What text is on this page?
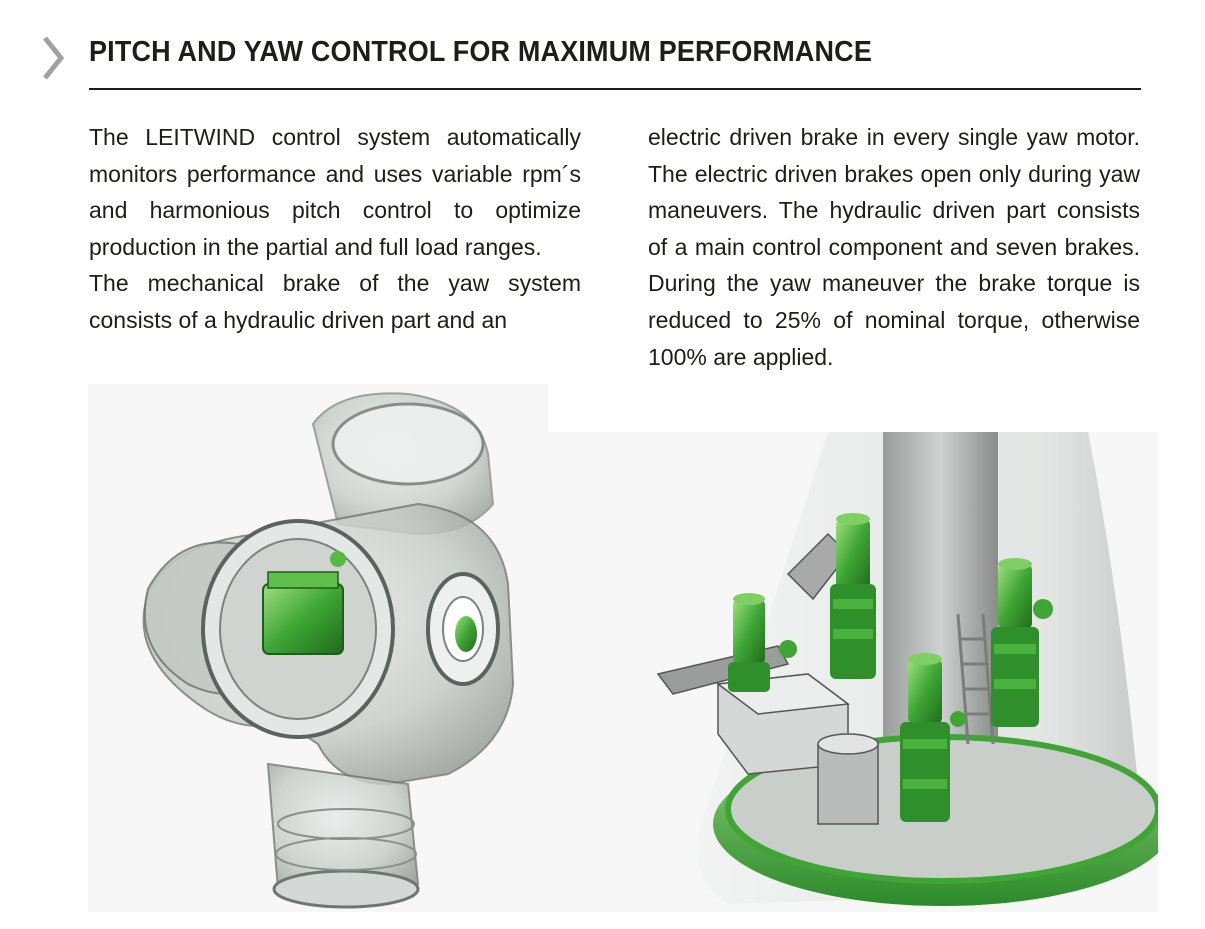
PITCH AND YAW CONTROL FOR MAXIMUM PERFORMANCE

The LEITWIND control system automatically monitors performance and uses variable rpm´s and harmonious pitch control to optimize production in the partial and full load ranges.

The mechanical brake of the yaw system consists of a hydraulic driven part and an

electric driven brake in every single yaw motor. The electric driven brakes open only during yaw maneuvers. The hydraulic driven part consists of a main control component and seven brakes. During the yaw maneuver the brake torque is reduced to 25% of nominal torque, otherwise 100% are applied.
